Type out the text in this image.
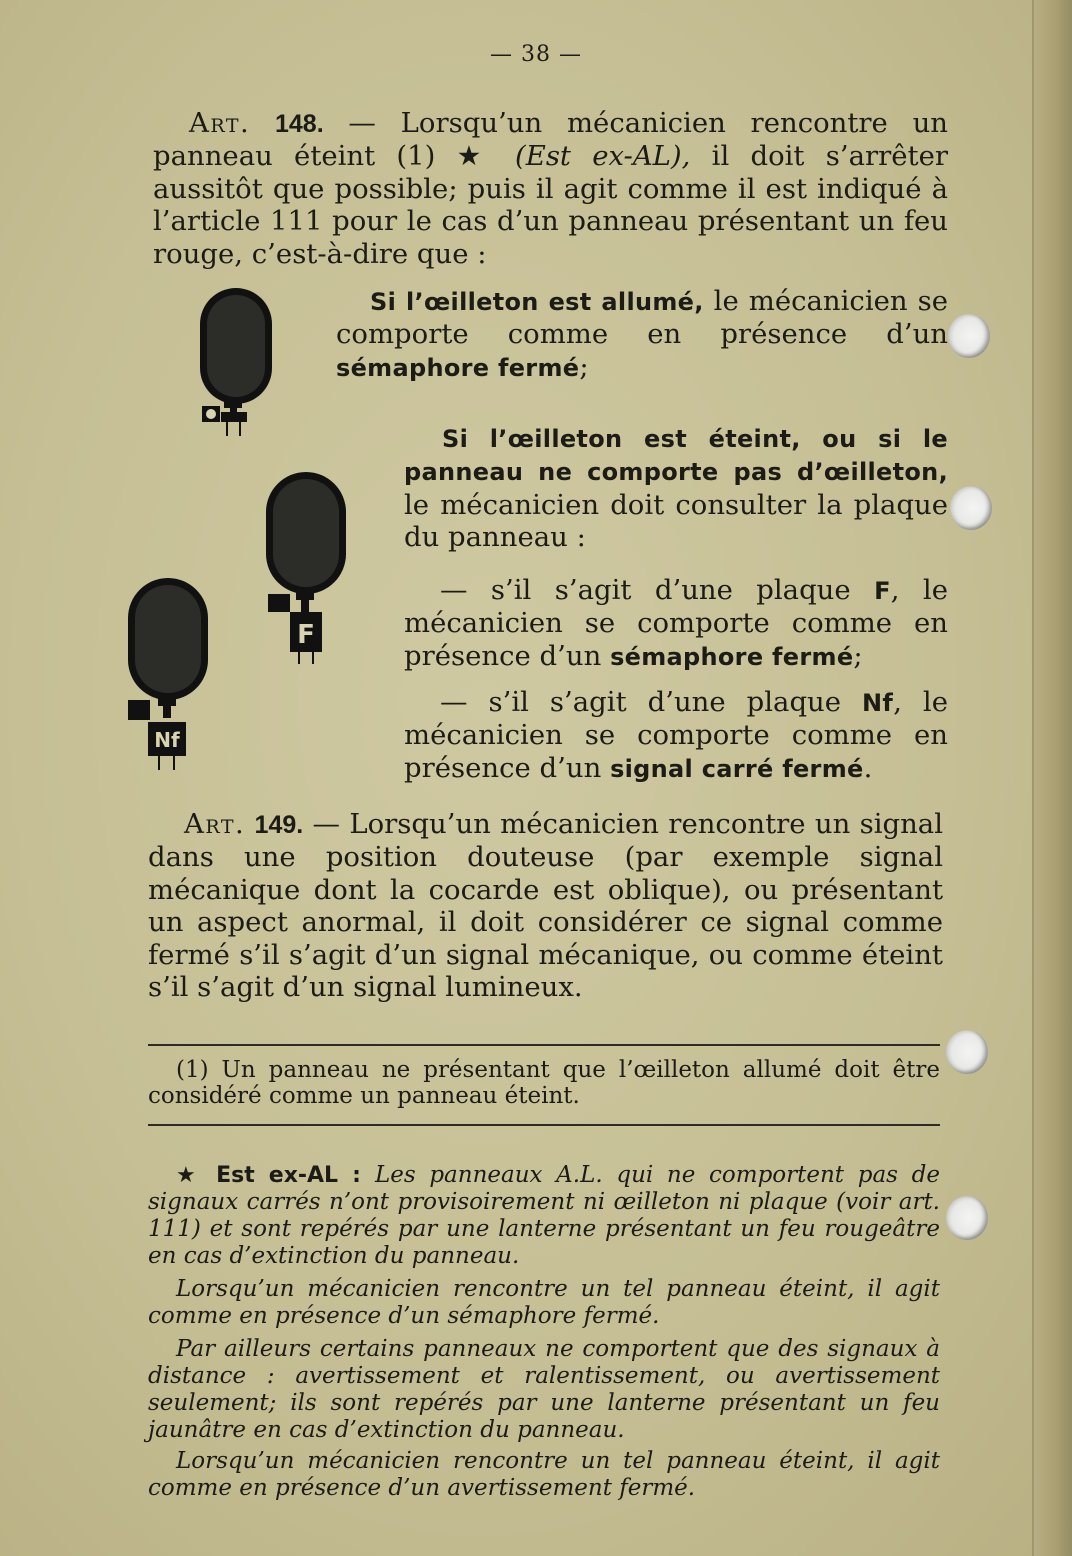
— 38 —

Art. 148. — Lorsqu’un mécanicien rencontre un panneau éteint (1) ★ (Est ex-AL), il doit s’arrêter aussitôt que possible; puis il agit comme il est indiqué à l’article 111 pour le cas d’un panneau présentant un feu rouge, c’est-à-dire que :

F
Nf

Si l’œilleton est allumé, le mécanicien se comporte comme en présence d’un sémaphore fermé;

Si l’œilleton est éteint, ou si le panneau ne comporte pas d’œilleton, le mécanicien doit consulter la plaque du panneau :

— s’il s’agit d’une plaque F, le mécanicien se comporte comme en présence d’un sémaphore fermé;

— s’il s’agit d’une plaque Nf, le mécanicien se comporte comme en présence d’un signal carré fermé.

Art. 149. — Lorsqu’un mécanicien rencontre un signal dans une position douteuse (par exemple signal mécanique dont la cocarde est oblique), ou présentant un aspect anormal, il doit considérer ce signal comme fermé s’il s’agit d’un signal mécanique, ou comme éteint s’il s’agit d’un signal lumineux.

(1) Un panneau ne présentant que l’œilleton allumé doit être considéré comme un panneau éteint.

★ Est ex-AL : Les panneaux A.L. qui ne comportent pas de signaux carrés n’ont provisoirement ni œilleton ni plaque (voir art. 111) et sont repérés par une lanterne présentant un feu rougeâtre en cas d’extinction du panneau.

Lorsqu’un mécanicien rencontre un tel panneau éteint, il agit comme en présence d’un sémaphore fermé.

Par ailleurs certains panneaux ne comportent que des signaux à distance : avertissement et ralentissement, ou avertissement seulement; ils sont repérés par une lanterne présentant un feu jaunâtre en cas d’extinction du panneau.

Lorsqu’un mécanicien rencontre un tel panneau éteint, il agit comme en présence d’un avertissement fermé.
